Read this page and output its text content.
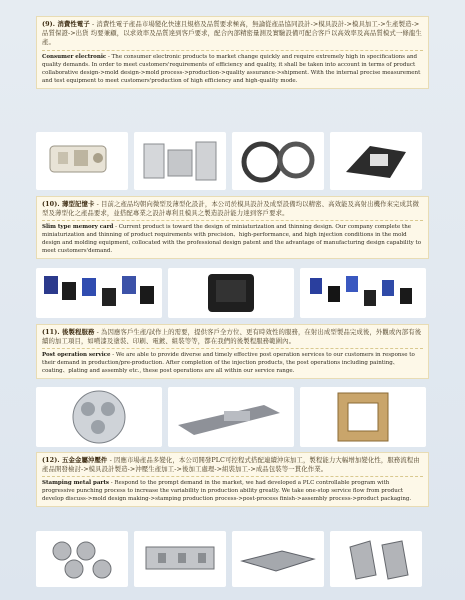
(9). 消費性電子 - 消費性電子產品市場變化快速且規格及品質要求極高，無論從產品協同設計->模具設計->模具加工->生產製造->品質保證->出貨 均要兼顧，以求效率及品質達到客戶要求，配合內部精密量測及實驗設備可配合客戶以高效率及高品質模式一條龍生產。
Consumer electronic - The consumer electronic products to market change quickly and require extremely high in specifications and quality demands. In order to meet customers'requirements of efficiency and quality, it shall be taken into account in terms of product collaborative design->mold design->mold process->production->quality assurance->shipment. With the internal precise measurement and test equipment to meet customers'production of high efficiency and high-quality mode.
(10). 薄型記憶卡 - 目前之產品均朝向微型及薄型化設計，本公司於模具設計及成型設備均以精密、高效能及高射出機作來完成其微型及薄型化之產品要求，並搭配專業之設計專利且模具之製造設計能力達到客戶要求。
Slim type memory card - Current product is toward the design of miniaturization and thinning design. Our company complete the miniaturization and thinning of product requirements with precision、high-performance, and high injection conditions in the mold design and molding equipment, collocated with the professional design patent and the advantage of manufacturing design capability to meet customers'demand.
(11). 後製程服務 - 為因應客戶生產/試作上的需要，提供客戶全方位、更有時效性的服務，在射出成型製品完成後，外觀或內部有後續的加工項目，如噴漆及塗裝、印刷、電鍍、組裝等等，都在我們的後製程服務範圍內。
Post operation service - We are able to provide diverse and timely effective post operation services to our customers in response to their demand in production/pre-production. After completion of the injection products, the post operations including painting、coating、plating and assembly etc., these post operations are all within our service range.
(12). 五金金屬沖壓件 - 因應市場產品多變化，本公司開發PLC可控程式搭配連續沖床加工，製程能力大幅增加變化性，服務流程由產品開發檢討->模具設計製造->沖壓生產加工->後加工處理->組裝加工->成品包裝等一貫化作業。
Stamping metal parts - Respond to the prompt demand in the market, we had developed a PLC controllable program with progressive punching process to increase the variability in production ability greatly. We take one-stop service flow from product develop discuss->mold design making->stamping production process->post-process finish->assembly process->product packaging.
